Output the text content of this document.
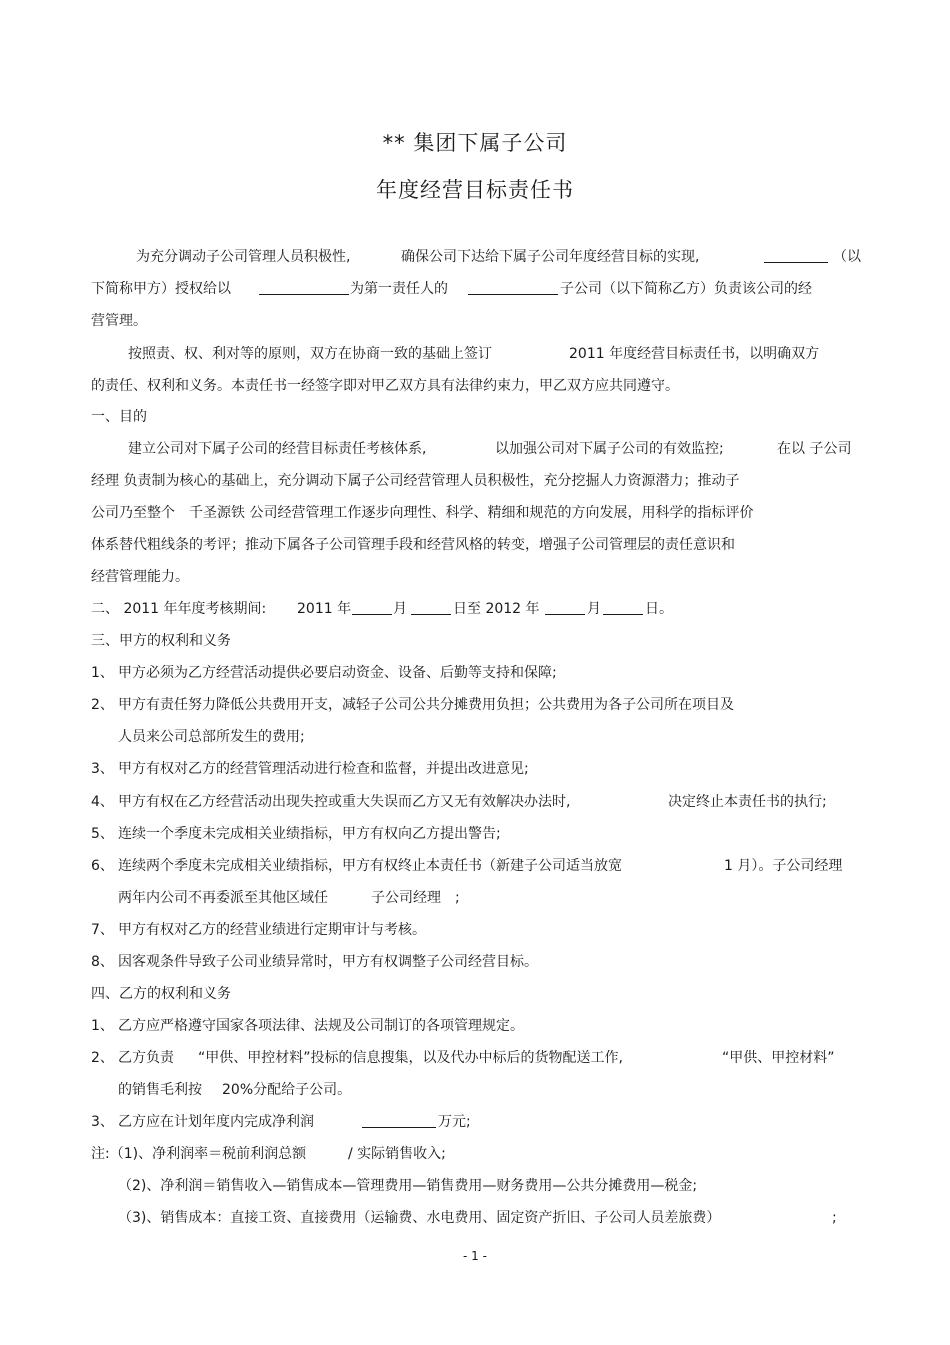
** 集团下属子公司
年度经营目标责任书
为充分调动子公司管理人员积极性,	确保公司下达给下属子公司年度经营目标的实现,	（以
下简称甲方）授权给以	为第一责任人的	子公司（以下简称乙方）负责该公司的经
营管理。
按照责、权、利对等的原则，双方在协商一致的基础上签订	2011 年度经营目标责任书，以明确双方
的责任、权利和义务。本责任书一经签字即对甲乙双方具有法律约束力，甲乙双方应共同遵守。
一、目的
建立公司对下属子公司的经营目标责任考核体系,	以加强公司对下属子公司的有效监控;	在以 子公司
经理 负责制为核心的基础上，充分调动下属子公司经营管理人员积极性，充分挖掘人力资源潜力；推动子
公司乃至整个　千圣源铁 公司经营管理工作逐步向理性、科学、精细和规范的方向发展，用科学的指标评价
体系替代粗线条的考评；推动下属各子公司管理手段和经营风格的转变，增强子公司管理层的责任意识和
经营管理能力。
二、 2011 年年度考核期间: 2011 年	月	日至 2012 年	月	日。
三、甲方的权利和义务
1、 甲方必须为乙方经营活动提供必要启动资金、设备、后勤等支持和保障;
2、 甲方有责任努力降低公共费用开支，减轻子公司公共分摊费用负担；公共费用为各子公司所在项目及
人员来公司总部所发生的费用;
3、 甲方有权对乙方的经营管理活动进行检查和监督，并提出改进意见;
4、 甲方有权在乙方经营活动出现失控或重大失误而乙方又无有效解决办法时,	决定终止本责任书的执行;
5、 连续一个季度未完成相关业绩指标，甲方有权向乙方提出警告;
6、 连续两个季度未完成相关业绩指标，甲方有权终止本责任书（新建子公司适当放宽	1 月）。子公司经理
两年内公司不再委派至其他区域任	子公司经理　;
7、 甲方有权对乙方的经营业绩进行定期审计与考核。
8、 因客观条件导致子公司业绩异常时，甲方有权调整子公司经营目标。
四、乙方的权利和义务
1、 乙方应严格遵守国家各项法律、法规及公司制订的各项管理规定。
2、 乙方负责 “甲供、甲控材料”投标的信息搜集，以及代办中标后的货物配送工作,	“甲供、甲控材料”
的销售毛利按 20%分配给子公司。
3、 乙方应在计划年度内完成净利润	万元;
注:（1)、净利润率＝税前利润总额	/ 实际销售收入;
（2)、净利润＝销售收入—销售成本—管理费用—销售费用—财务费用—公共分摊费用—税金;
（3)、销售成本：直接工资、直接费用（运输费、水电费用、固定资产折旧、子公司人员差旅费）	;
- 1 -
